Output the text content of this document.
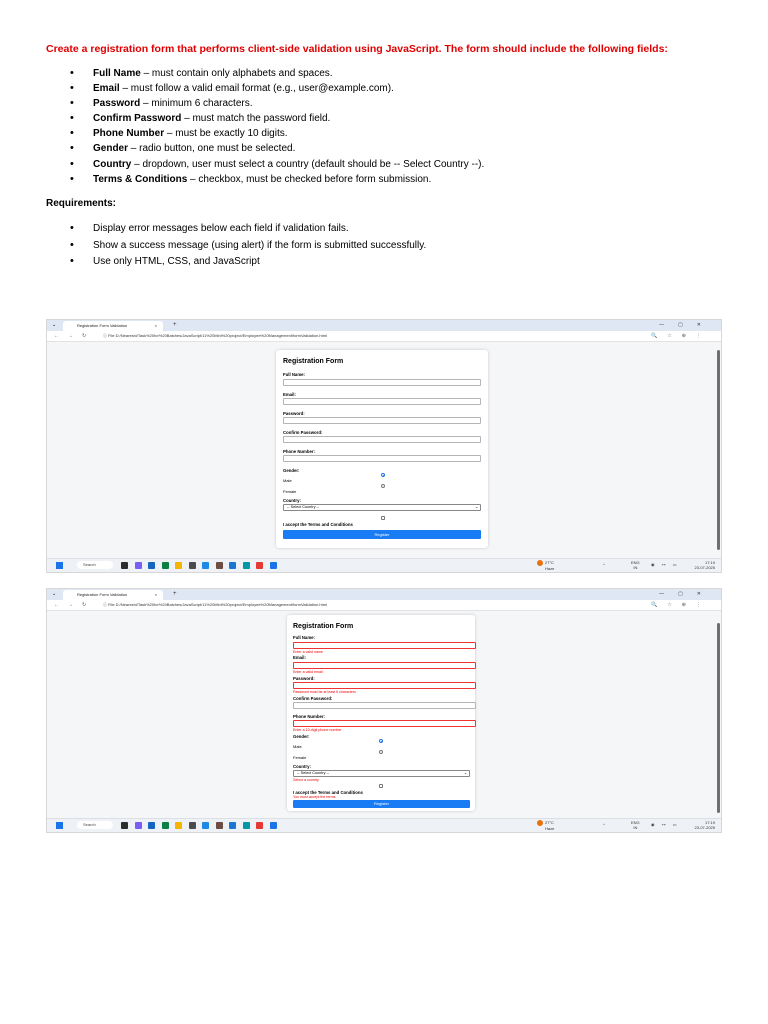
Create a registration form that performs client-side validation using JavaScript. The form should include the following fields:
• Full Name – must contain only alphabets and spaces.
• Email – must follow a valid email format (e.g., user@example.com).
• Password – minimum 6 characters.
• Confirm Password – must match the password field.
• Phone Number – must be exactly 10 digits.
• Gender – radio button, one must be selected.
• Country – dropdown, user must select a country (default should be -- Select Country --).
• Terms & Conditions – checkbox, must be checked before form submission.
Requirements:
• Display error messages below each field if validation fails.
• Show a success message (using alert) if the form is submitted successfully.
• Use only HTML, CSS, and JavaScript
⌄	Registration Form Validation	×	+	—▢✕
←→↻ ⓘ File D:/Neareshi/Task%20for%20Batches/JavaScript/11%20Mini%20project/Employee%20Management/formValidation.html	🔍☆⊕⋮
Registration Form
Full Name:
Email:
Password:
Confirm Password:
Phone Number:
Gender:
Male
Female
Country:
-- Select Country --	⌄
I accept the Terms and Conditions
Register
Search	27°C
Haze
^	ENG
IN
◉ ⊶ ▭	17:19
23-07-2025
⌄	Registration Form Validation	×	+	—▢✕
←→↻ ⓘ File D:/Neareshi/Task%20for%20Batches/JavaScript/11%20Mini%20project/Employee%20Management/formValidation.html	🔍☆⊕⋮
Registration Form
Full Name:
Enter a valid name
Email:
Enter a valid email
Password:
Password must be at least 6 characters
Confirm Password:
Phone Number:
Enter a 10-digit phone number
Gender:
Male
Female
Country:
-- Select Country --	⌄
Select a country
I accept the Terms and Conditions
You must accept the terms
Register
Search	27°C
Haze
^	ENG
IN
◉ ⊶ ▭	17:19
23-07-2025
